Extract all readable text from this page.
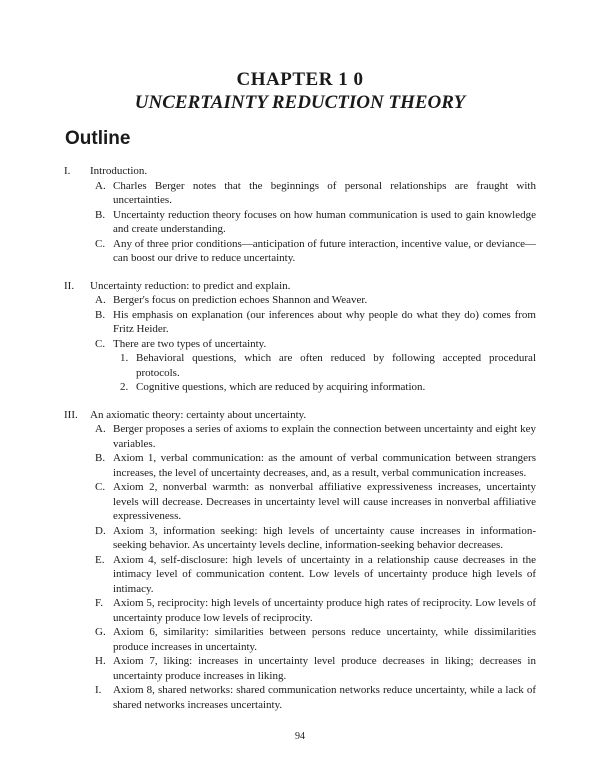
CHAPTER 1 0
UNCERTAINTY REDUCTION THEORY
Outline
I. Introduction.
A. Charles Berger notes that the beginnings of personal relationships are fraught with uncertainties.
B. Uncertainty reduction theory focuses on how human communication is used to gain knowledge and create understanding.
C. Any of three prior conditions—anticipation of future interaction, incentive value, or deviance—can boost our drive to reduce uncertainty.
II. Uncertainty reduction: to predict and explain.
A. Berger's focus on prediction echoes Shannon and Weaver.
B. His emphasis on explanation (our inferences about why people do what they do) comes from Fritz Heider.
C. There are two types of uncertainty.
1. Behavioral questions, which are often reduced by following accepted procedural protocols.
2. Cognitive questions, which are reduced by acquiring information.
III. An axiomatic theory: certainty about uncertainty.
A. Berger proposes a series of axioms to explain the connection between uncertainty and eight key variables.
B. Axiom 1, verbal communication: as the amount of verbal communication between strangers increases, the level of uncertainty decreases, and, as a result, verbal communication increases.
C. Axiom 2, nonverbal warmth: as nonverbal affiliative expressiveness increases, uncertainty levels will decrease. Decreases in uncertainty level will cause increases in nonverbal affiliative expressiveness.
D. Axiom 3, information seeking: high levels of uncertainty cause increases in information-seeking behavior. As uncertainty levels decline, information-seeking behavior decreases.
E. Axiom 4, self-disclosure: high levels of uncertainty in a relationship cause decreases in the intimacy level of communication content. Low levels of uncertainty produce high levels of intimacy.
F. Axiom 5, reciprocity: high levels of uncertainty produce high rates of reciprocity. Low levels of uncertainty produce low levels of reciprocity.
G. Axiom 6, similarity: similarities between persons reduce uncertainty, while dissimilarities produce increases in uncertainty.
H. Axiom 7, liking: increases in uncertainty level produce decreases in liking; decreases in uncertainty produce increases in liking.
I. Axiom 8, shared networks: shared communication networks reduce uncertainty, while a lack of shared networks increases uncertainty.
94
